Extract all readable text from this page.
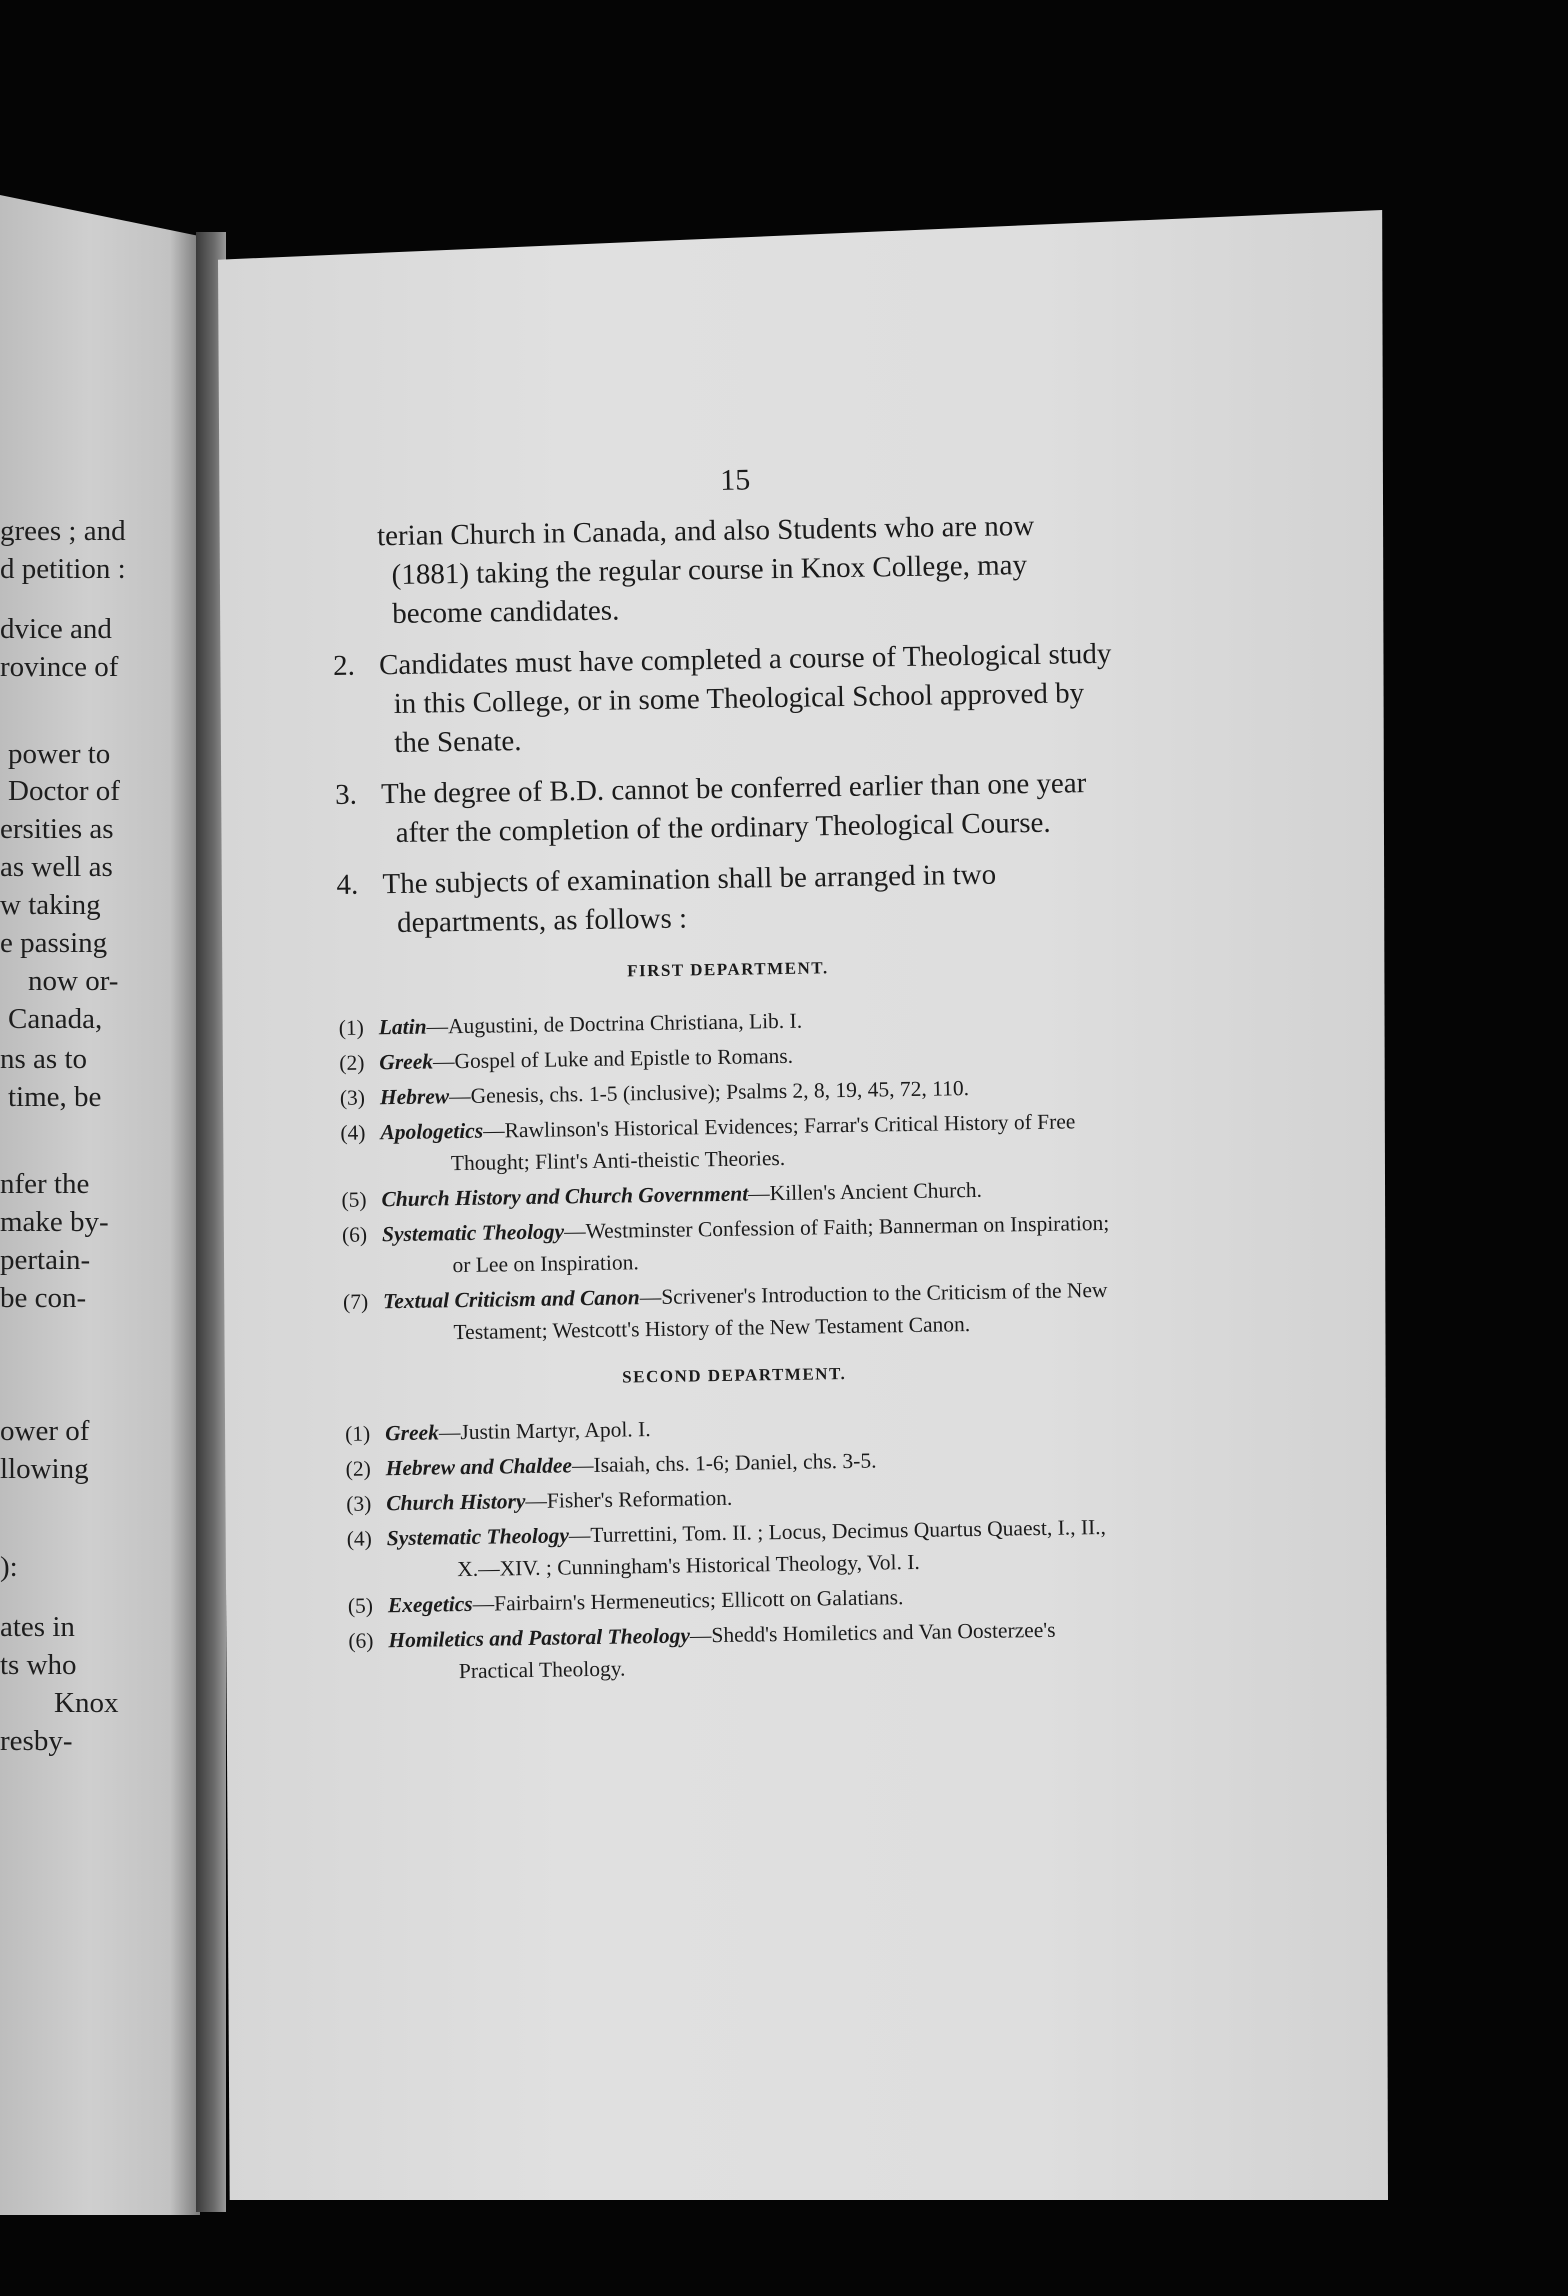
grees ; and
d petition :
dvice and
rovince of
power to
Doctor of
ersities as
as well as
w taking
e passing
now or-
Canada,
ns as to
time, be
nfer the
make by-
pertain-
be con-
ower of
llowing
):
ates in
ts who
Knox
resby-
15
terian Church in Canada, and also Students who are now (1881) taking the regular course in Knox College, may become candidates.
2. Candidates must have completed a course of Theological study in this College, or in some Theological School approved by the Senate.
3. The degree of B.D. cannot be conferred earlier than one year after the completion of the ordinary Theological Course.
4. The subjects of examination shall be arranged in two departments, as follows :
FIRST DEPARTMENT.
(1) Latin—Augustini, de Doctrina Christiana, Lib. I.
(2) Greek—Gospel of Luke and Epistle to Romans.
(3) Hebrew—Genesis, chs. 1-5 (inclusive); Psalms 2, 8, 19, 45, 72, 110.
(4) Apologetics—Rawlinson's Historical Evidences; Farrar's Critical History of Free Thought; Flint's Anti-theistic Theories.
(5) Church History and Church Government—Killen's Ancient Church.
(6) Systematic Theology—Westminster Confession of Faith; Bannerman on Inspiration; or Lee on Inspiration.
(7) Textual Criticism and Canon—Scrivener's Introduction to the Criticism of the New Testament; Westcott's History of the New Testament Canon.
SECOND DEPARTMENT.
(1) Greek—Justin Martyr, Apol. I.
(2) Hebrew and Chaldee—Isaiah, chs. 1-6; Daniel, chs. 3-5.
(3) Church History—Fisher's Reformation.
(4) Systematic Theology—Turrettini, Tom. II. ; Locus, Decimus Quartus Quaest, I., II., X.—XIV. ; Cunningham's Historical Theology, Vol. I.
(5) Exegetics—Fairbairn's Hermeneutics; Ellicott on Galatians.
(6) Homiletics and Pastoral Theology—Shedd's Homiletics and Van Oosterzee's Practical Theology.
